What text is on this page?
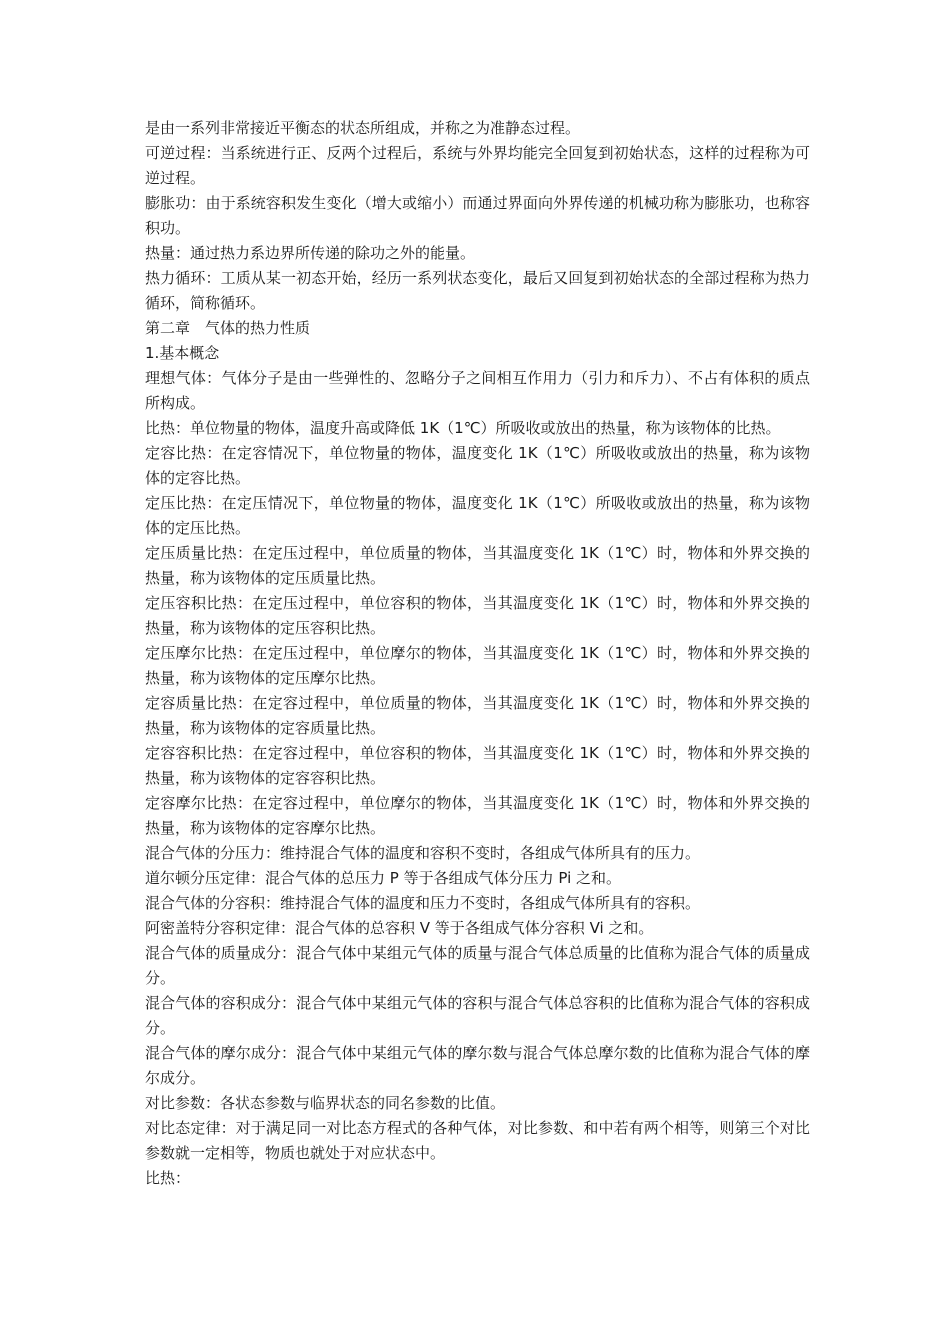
是由一系列非常接近平衡态的状态所组成，并称之为准静态过程。

可逆过程：当系统进行正、反两个过程后，系统与外界均能完全回复到初始状态，这样的过程称为可逆过程。

膨胀功：由于系统容积发生变化（增大或缩小）而通过界面向外界传递的机械功称为膨胀功，也称容积功。

热量：通过热力系边界所传递的除功之外的能量。

热力循环：工质从某一初态开始，经历一系列状态变化，最后又回复到初始状态的全部过程称为热力循环，简称循环。

第二章　气体的热力性质

1.基本概念

理想气体：气体分子是由一些弹性的、忽略分子之间相互作用力（引力和斥力）、不占有体积的质点所构成。

比热：单位物量的物体，温度升高或降低 1K（1℃）所吸收或放出的热量，称为该物体的比热。

定容比热：在定容情况下，单位物量的物体，温度变化 1K（1℃）所吸收或放出的热量，称为该物体的定容比热。

定压比热：在定压情况下，单位物量的物体，温度变化 1K（1℃）所吸收或放出的热量，称为该物体的定压比热。

定压质量比热：在定压过程中，单位质量的物体，当其温度变化 1K（1℃）时，物体和外界交换的热量，称为该物体的定压质量比热。

定压容积比热：在定压过程中，单位容积的物体，当其温度变化 1K（1℃）时，物体和外界交换的热量，称为该物体的定压容积比热。

定压摩尔比热：在定压过程中，单位摩尔的物体，当其温度变化 1K（1℃）时，物体和外界交换的热量，称为该物体的定压摩尔比热。

定容质量比热：在定容过程中，单位质量的物体，当其温度变化 1K（1℃）时，物体和外界交换的热量，称为该物体的定容质量比热。

定容容积比热：在定容过程中，单位容积的物体，当其温度变化 1K（1℃）时，物体和外界交换的热量，称为该物体的定容容积比热。

定容摩尔比热：在定容过程中，单位摩尔的物体，当其温度变化 1K（1℃）时，物体和外界交换的热量，称为该物体的定容摩尔比热。

混合气体的分压力：维持混合气体的温度和容积不变时，各组成气体所具有的压力。

道尔顿分压定律：混合气体的总压力 P 等于各组成气体分压力 Pi 之和。

混合气体的分容积：维持混合气体的温度和压力不变时，各组成气体所具有的容积。

阿密盖特分容积定律：混合气体的总容积 V 等于各组成气体分容积 Vi 之和。

混合气体的质量成分：混合气体中某组元气体的质量与混合气体总质量的比值称为混合气体的质量成分。

混合气体的容积成分：混合气体中某组元气体的容积与混合气体总容积的比值称为混合气体的容积成分。

混合气体的摩尔成分：混合气体中某组元气体的摩尔数与混合气体总摩尔数的比值称为混合气体的摩尔成分。

对比参数：各状态参数与临界状态的同名参数的比值。

对比态定律：对于满足同一对比态方程式的各种气体，对比参数、和中若有两个相等，则第三个对比参数就一定相等，物质也就处于对应状态中。

比热：
